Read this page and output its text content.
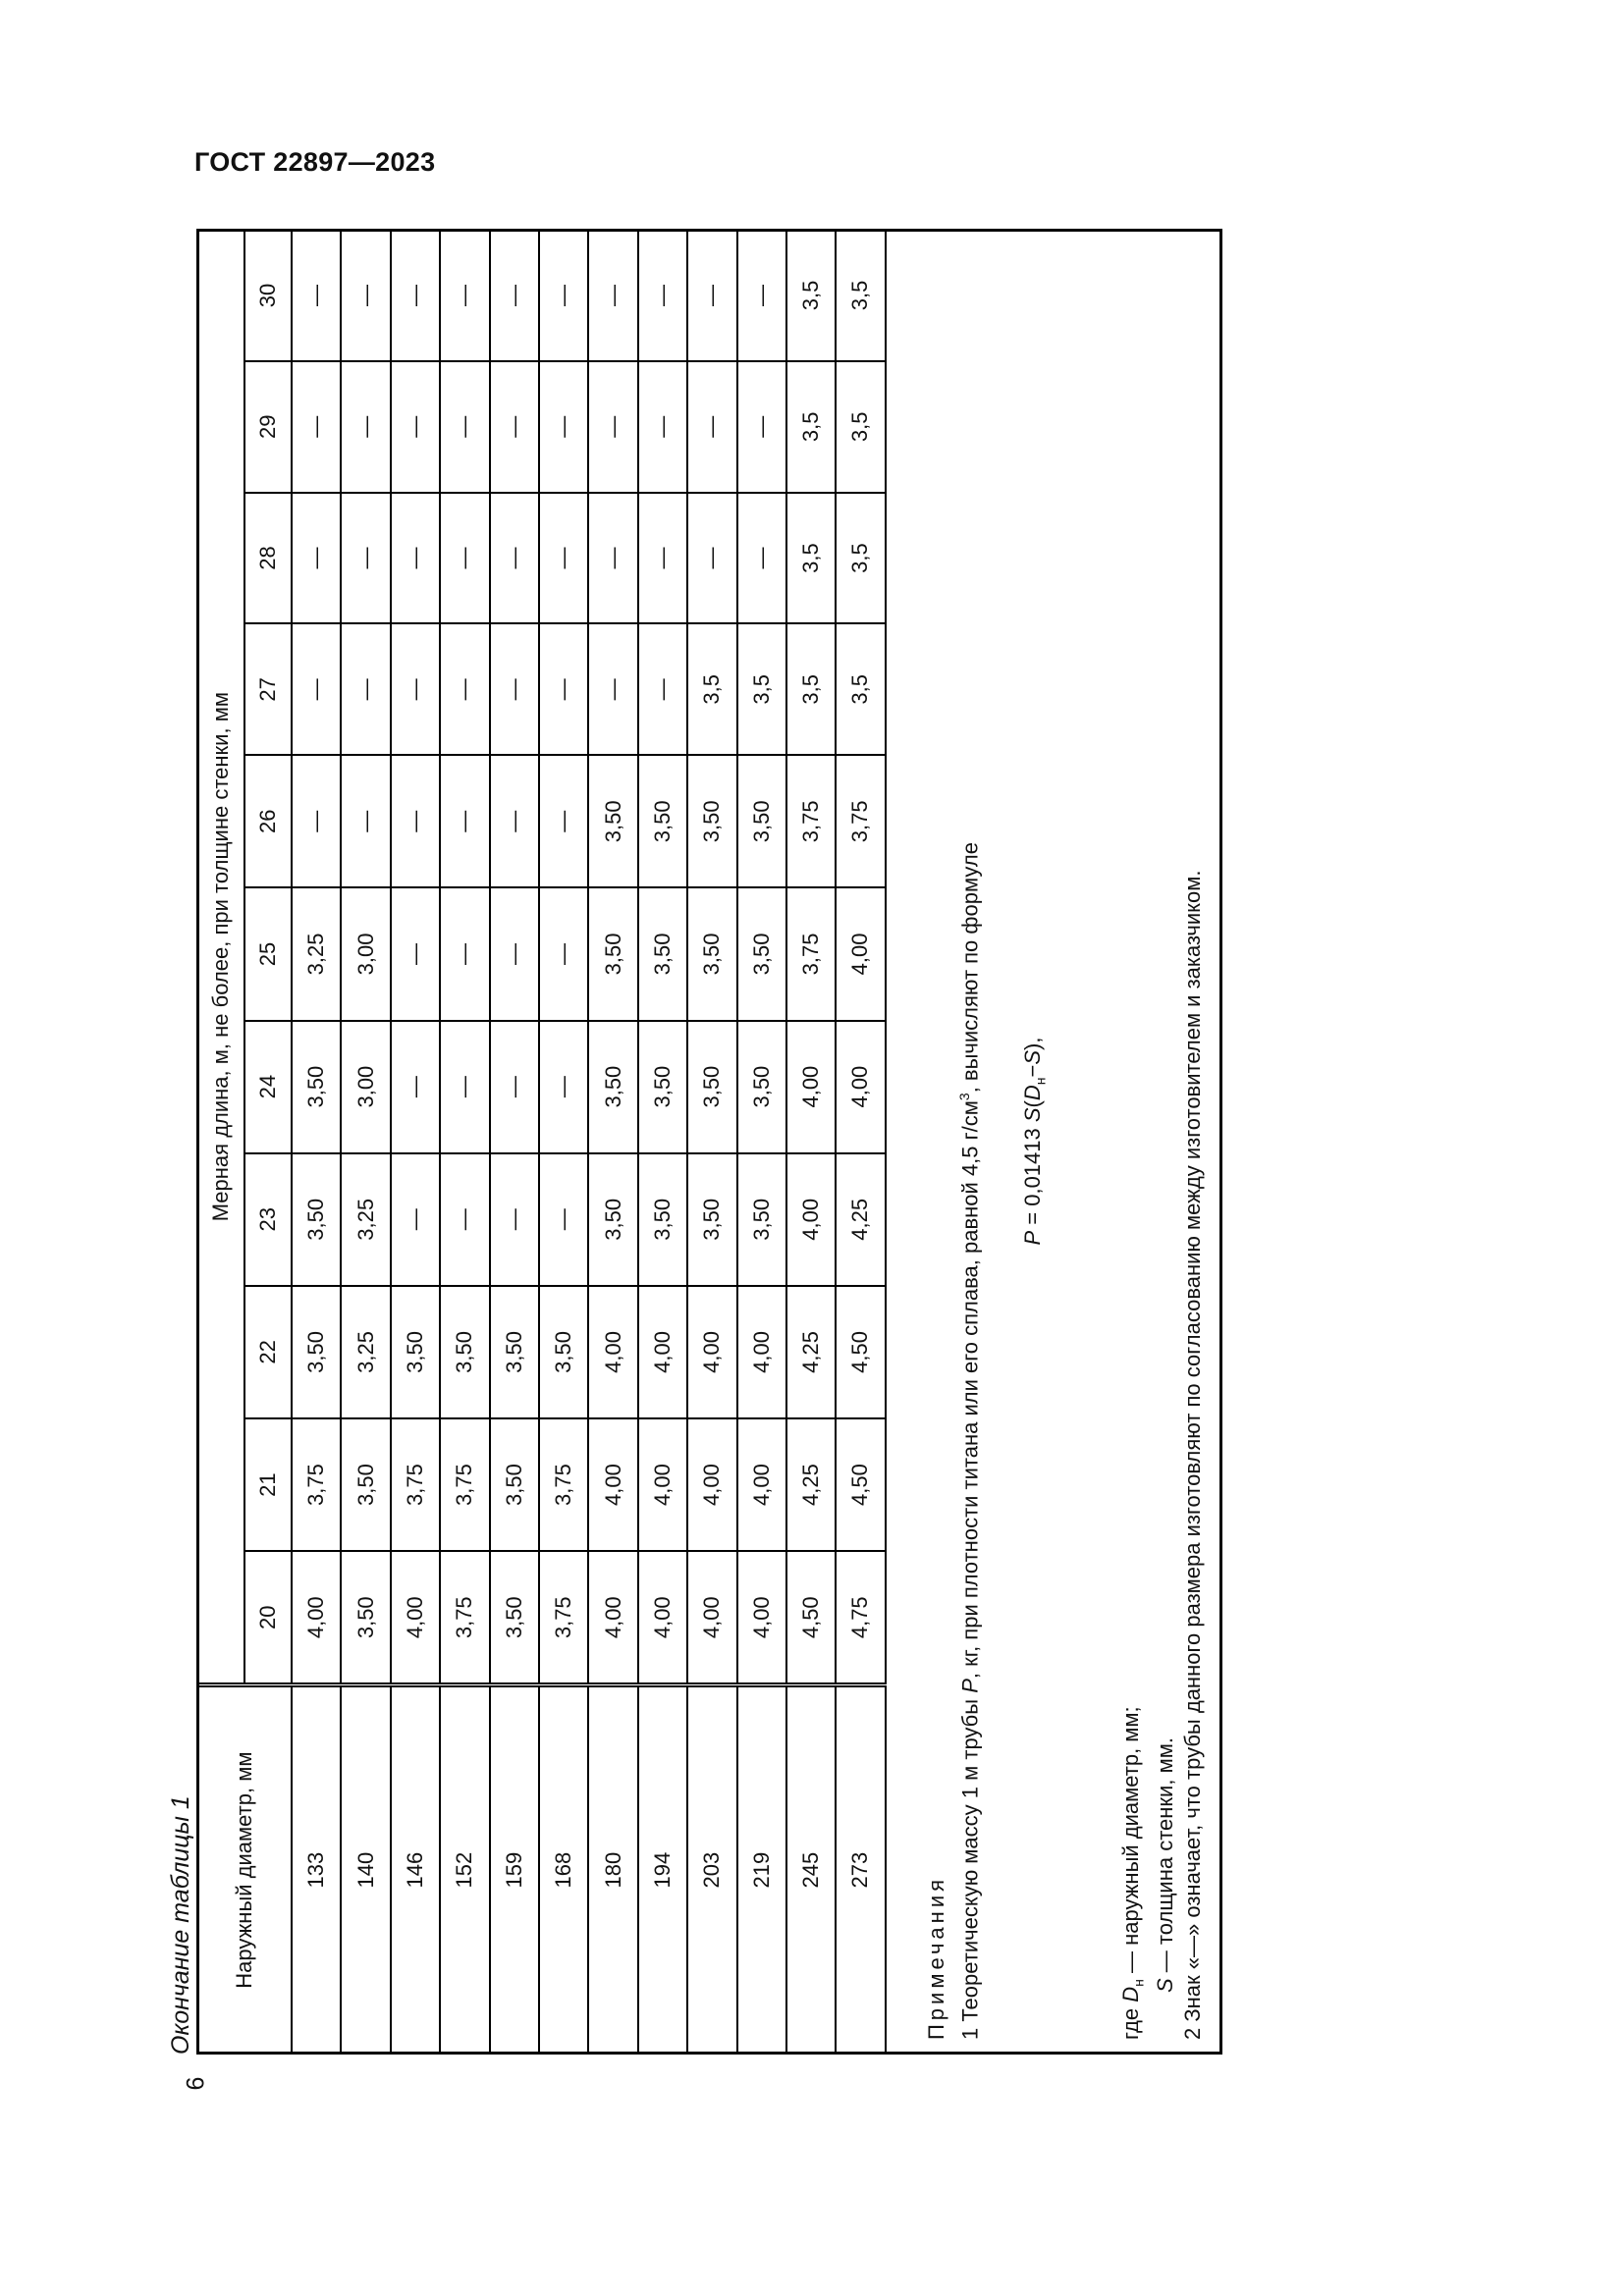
ГОСТ 22897—2023
Окончание таблицы 1 Наружный диаметр, мм	Мерная длина, м, не более, при толщине стенки, мм										
	20	21	22	23	24	25	26	27	28	29	30
133	4,00	3,75	3,50	3,50	3,50	3,25	—	—	—	—	—
140	3,50	3,50	3,25	3,25	3,00	3,00	—	—	—	—	—
146	4,00	3,75	3,50	—	—	—	—	—	—	—	—
152	3,75	3,75	3,50	—	—	—	—	—	—	—	—
159	3,50	3,50	3,50	—	—	—	—	—	—	—	—
168	3,75	3,75	3,50	—	—	—	—	—	—	—	—
180	4,00	4,00	4,00	3,50	3,50	3,50	3,50	—	—	—	—
194	4,00	4,00	4,00	3,50	3,50	3,50	3,50	—	—	—	—
203	4,00	4,00	4,00	3,50	3,50	3,50	3,50	3,5	—	—	—
219	4,00	4,00	4,00	3,50	3,50	3,50	3,50	3,5	—	—	—
245	4,50	4,25	4,25	4,00	4,00	3,75	3,75	3,5	3,5	3,5	3,5
273	4,75	4,50	4,50	4,25	4,00	4,00	3,75	3,5	3,5	3,5	3,5
Примечания 1 Теоретическую массу 1 м трубы P, кг, при плотности титана или его сплава, равной 4,5 $г/см^3$, вычисляют по формуле
P = 0,01413 $S(D_н-S)$,
где $D_н$ — наружный диаметр, мм;
S — толщина стенки, мм. 2 Знак «—» означает, что трубы данного размера изготовляют по согласованию между изготовителем и заказчиком.
6
